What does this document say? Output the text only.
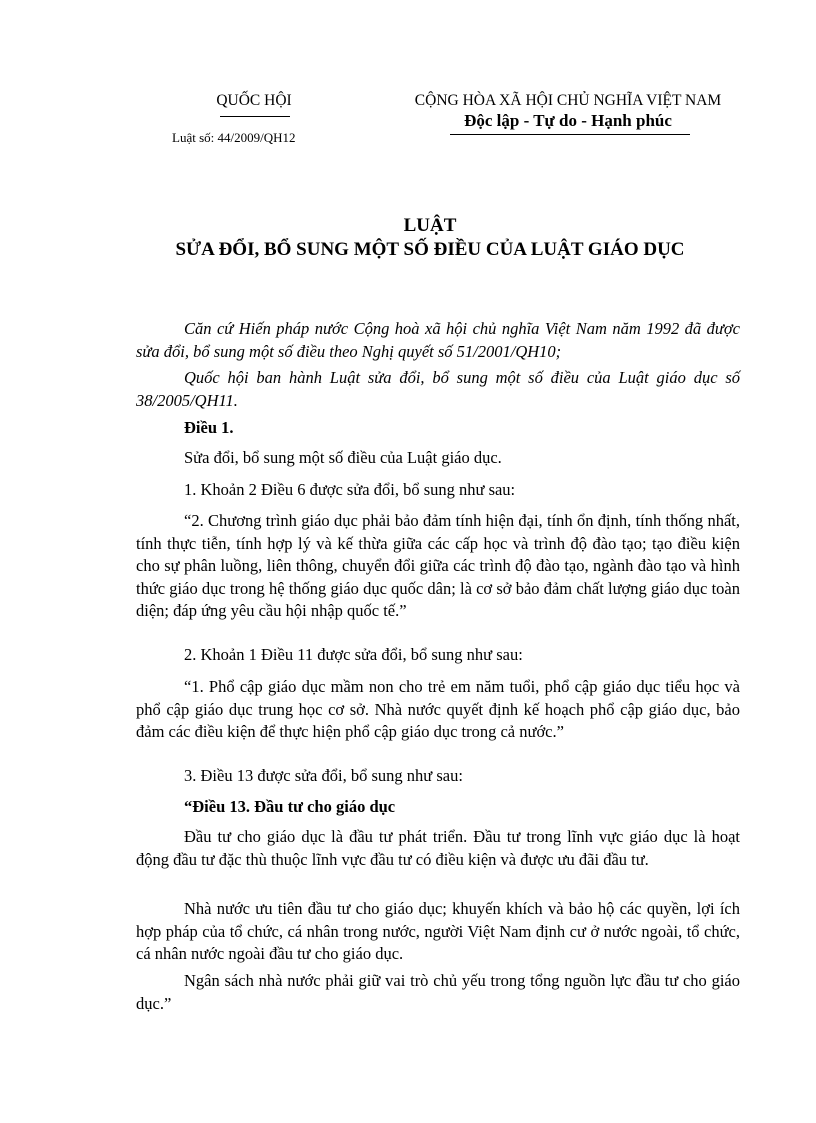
QUỐC HỘI
Luật số: 44/2009/QH12
CỘNG HÒA XÃ HỘI CHỦ NGHĨA VIỆT NAM
Độc lập - Tự do - Hạnh phúc
LUẬT
SỬA ĐỔI, BỔ SUNG MỘT SỐ ĐIỀU CỦA LUẬT GIÁO DỤC

Căn cứ Hiến pháp nước Cộng hoà xã hội chủ nghĩa Việt Nam năm 1992 đã được sửa đổi, bổ sung một số điều theo Nghị quyết số 51/2001/QH10;

Quốc hội ban hành Luật sửa đổi, bổ sung một số điều của Luật giáo dục số 38/2005/QH11.

Điều 1.

Sửa đổi, bổ sung một số điều của Luật giáo dục.

1. Khoản 2 Điều 6 được sửa đổi, bổ sung như sau:

“2. Chương trình giáo dục phải bảo đảm tính hiện đại, tính ổn định, tính thống nhất, tính thực tiễn, tính hợp lý và kế thừa giữa các cấp học và trình độ đào tạo; tạo điều kiện cho sự phân luồng, liên thông, chuyển đổi giữa các trình độ đào tạo, ngành đào tạo và hình thức giáo dục trong hệ thống giáo dục quốc dân; là cơ sở bảo đảm chất lượng giáo dục toàn diện; đáp ứng yêu cầu hội nhập quốc tế.”

2. Khoản 1 Điều 11 được sửa đổi, bổ sung như sau:

“1. Phổ cập giáo dục mầm non cho trẻ em năm tuổi, phổ cập giáo dục tiểu học và phổ cập giáo dục trung học cơ sở. Nhà nước quyết định kế hoạch phổ cập giáo dục, bảo đảm các điều kiện để thực hiện phổ cập giáo dục trong cả nước.”

3. Điều 13 được sửa đổi, bổ sung như sau:

“Điều 13. Đầu tư cho giáo dục

Đầu tư cho giáo dục là đầu tư phát triển. Đầu tư trong lĩnh vực giáo dục là hoạt động đầu tư đặc thù thuộc lĩnh vực đầu tư có điều kiện và được ưu đãi đầu tư.

Nhà nước ưu tiên đầu tư cho giáo dục; khuyến khích và bảo hộ các quyền, lợi ích hợp pháp của tổ chức, cá nhân trong nước, người Việt Nam định cư ở nước ngoài, tổ chức, cá nhân nước ngoài đầu tư cho giáo dục.

Ngân sách nhà nước phải giữ vai trò chủ yếu trong tổng nguồn lực đầu tư cho giáo dục.”
